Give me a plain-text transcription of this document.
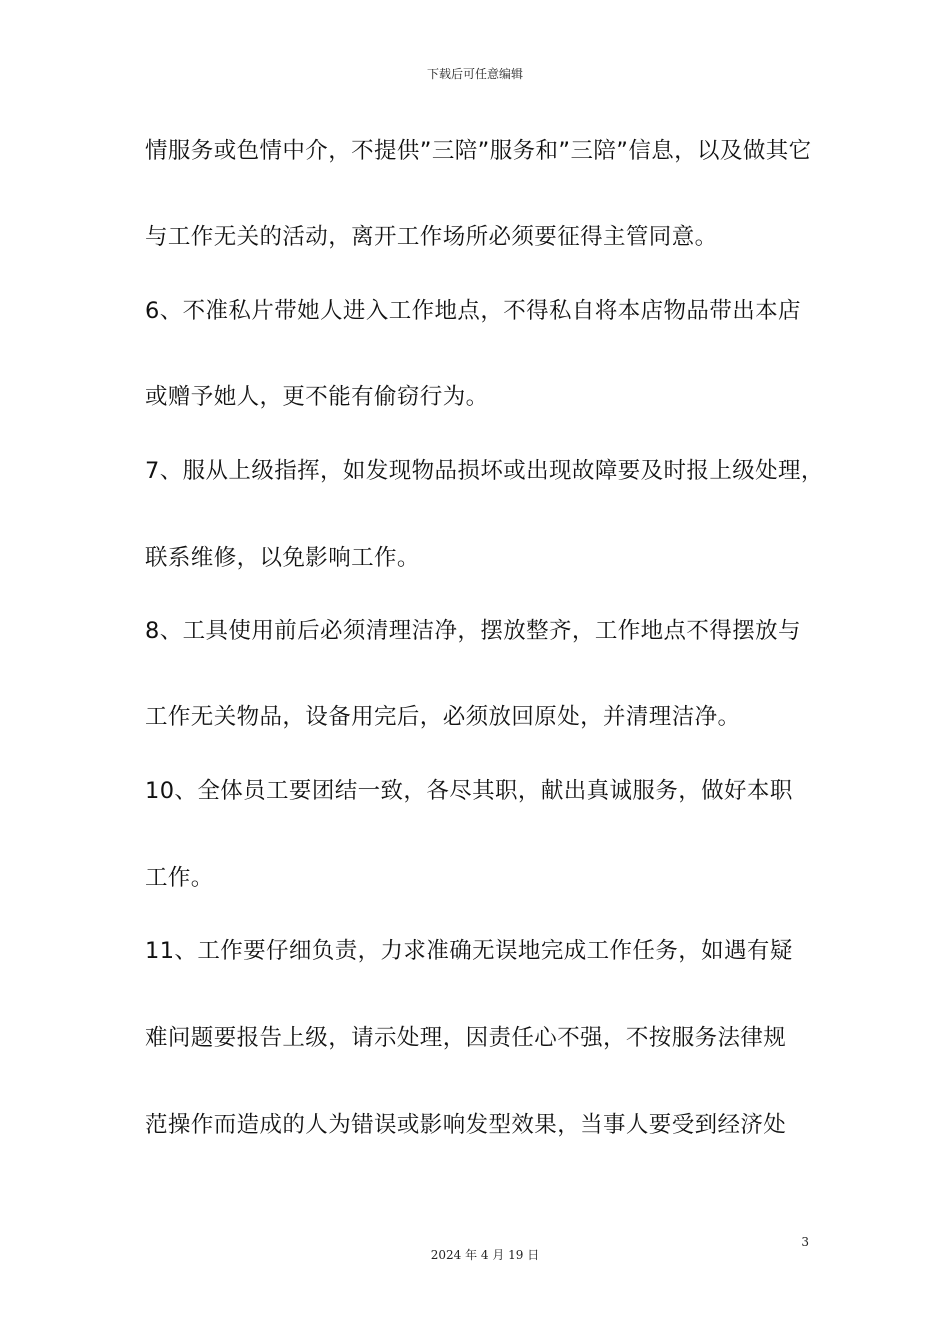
下载后可任意编辑
情服务或色情中介，不提供”三陪”服务和”三陪”信息，以及做其它
与工作无关的活动，离开工作场所必须要征得主管同意。
6、不准私片带她人进入工作地点，不得私自将本店物品带出本店
或赠予她人，更不能有偷窃行为。
7、服从上级指挥，如发现物品损坏或出现故障要及时报上级处理，
联系维修，以免影响工作。
8、工具使用前后必须清理洁净，摆放整齐，工作地点不得摆放与
工作无关物品，设备用完后，必须放回原处，并清理洁净。
10、全体员工要团结一致，各尽其职，献出真诚服务，做好本职
工作。
11、工作要仔细负责，力求准确无误地完成工作任务，如遇有疑
难问题要报告上级，请示处理，因责任心不强，不按服务法律规
范操作而造成的人为错误或影响发型效果，当事人要受到经济处
3
2024 年 4 月 19 日
